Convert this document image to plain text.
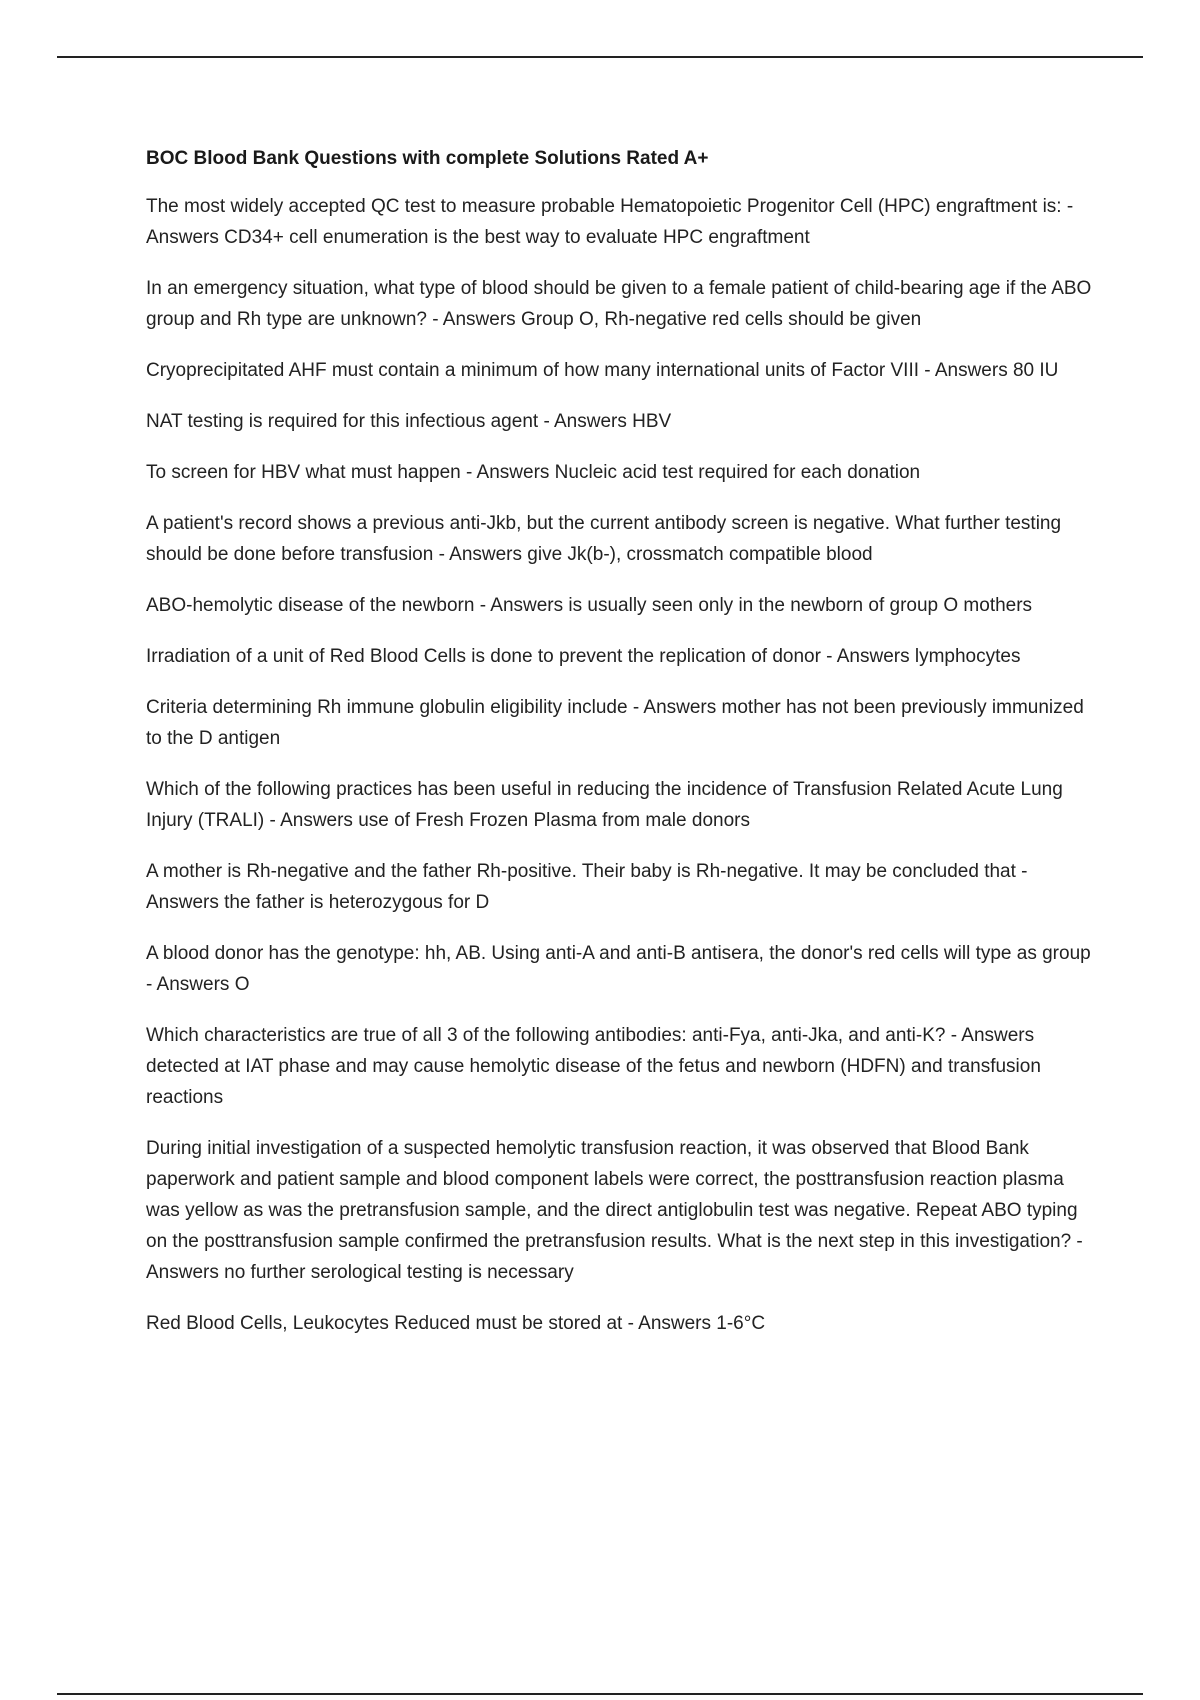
BOC Blood Bank Questions with complete Solutions Rated A+
The most widely accepted QC test to measure probable Hematopoietic Progenitor Cell (HPC) engraftment is: - Answers CD34+ cell enumeration is the best way to evaluate HPC engraftment
In an emergency situation, what type of blood should be given to a female patient of child-bearing age if the ABO group and Rh type are unknown? - Answers Group O, Rh-negative red cells should be given
Cryoprecipitated AHF must contain a minimum of how many international units of Factor VIII - Answers 80 IU
NAT testing is required for this infectious agent - Answers HBV
To screen for HBV what must happen - Answers Nucleic acid test required for each donation
A patient's record shows a previous anti-Jkb, but the current antibody screen is negative. What further testing should be done before transfusion - Answers give Jk(b-), crossmatch compatible blood
ABO-hemolytic disease of the newborn - Answers is usually seen only in the newborn of group O mothers
Irradiation of a unit of Red Blood Cells is done to prevent the replication of donor - Answers lymphocytes
Criteria determining Rh immune globulin eligibility include - Answers mother has not been previously immunized to the D antigen
Which of the following practices has been useful in reducing the incidence of Transfusion Related Acute Lung Injury (TRALI) - Answers use of Fresh Frozen Plasma from male donors
A mother is Rh-negative and the father Rh-positive. Their baby is Rh-negative. It may be concluded that - Answers the father is heterozygous for D
A blood donor has the genotype: hh, AB. Using anti-A and anti-B antisera, the donor's red cells will type as group - Answers O
Which characteristics are true of all 3 of the following antibodies: anti-Fya, anti-Jka, and anti-K? - Answers detected at IAT phase and may cause hemolytic disease of the fetus and newborn (HDFN) and transfusion reactions
During initial investigation of a suspected hemolytic transfusion reaction, it was observed that Blood Bank paperwork and patient sample and blood component labels were correct, the posttransfusion reaction plasma was yellow as was the pretransfusion sample, and the direct antiglobulin test was negative. Repeat ABO typing on the posttransfusion sample confirmed the pretransfusion results. What is the next step in this investigation? - Answers no further serological testing is necessary
Red Blood Cells, Leukocytes Reduced must be stored at - Answers 1-6°C
